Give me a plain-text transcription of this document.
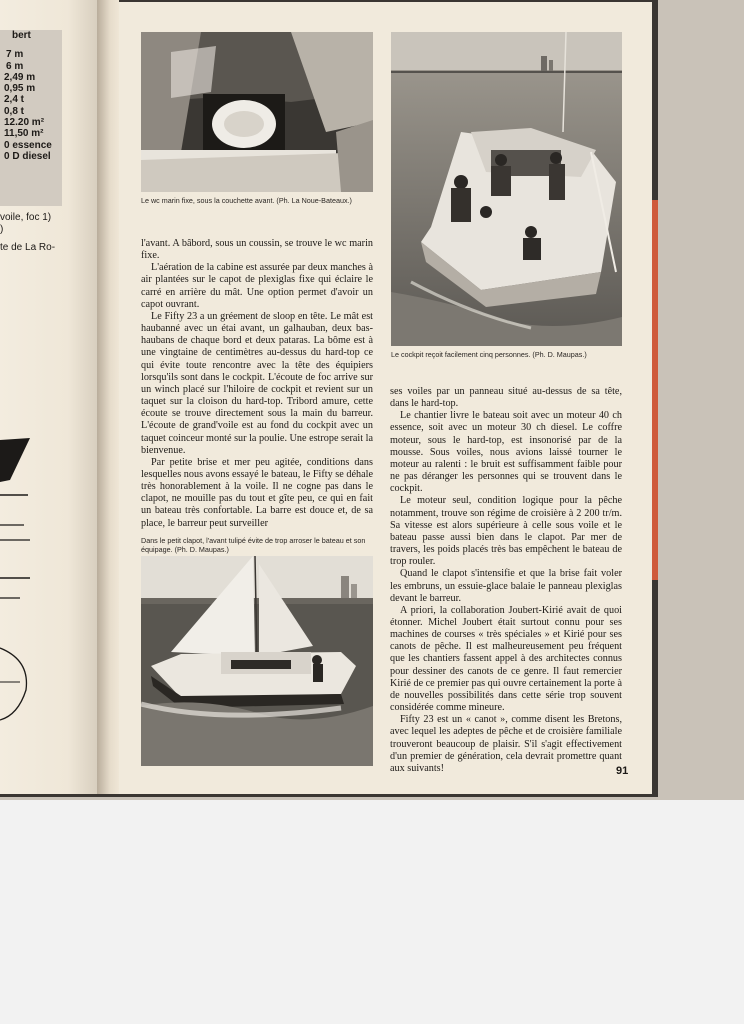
bert
7 m
6 m
2,49 m
0,95 m
2,4 t
0,8 t
12.20 m²
11,50 m²
0 essence
0 D diesel
voile, foc 1)
)
te de La Ro-
Le wc marin fixe, sous la couchette avant. (Ph. La Noue-Bateaux.)
Le cockpit reçoit facilement cinq personnes. (Ph. D. Maupas.)
Dans le petit clapot, l'avant tulipé évite de trop arroser le bateau et son équipage. (Ph. D. Maupas.)

l'avant. A bâbord, sous un coussin, se trouve le wc marin fixe.

L'aération de la cabine est assurée par deux manches à air plantées sur le capot de plexiglas fixe qui éclaire le carré en arrière du mât. Une option permet d'avoir un capot ouvrant.

Le Fifty 23 a un gréement de sloop en tête. Le mât est haubanné avec un étai avant, un galhauban, deux bas-haubans de chaque bord et deux pataras. La bôme est à une vingtaine de centimètres au-dessus du hard-top ce qui évite toute rencontre avec la tête des équipiers lorsqu'ils sont dans le cockpit. L'écoute de foc arrive sur un winch placé sur l'hiloire de cockpit et revient sur un taquet sur la cloison du hard-top. Tribord amure, cette écoute se trouve directement sous la main du barreur. L'écoute de grand'voile est au fond du cockpit avec un taquet coinceur monté sur la poulie. Une estrope serait la bienvenue.

Par petite brise et mer peu agitée, conditions dans lesquelles nous avons essayé le bateau, le Fifty se déhale très honorablement à la voile. Il ne cogne pas dans le clapot, ne mouille pas du tout et gîte peu, ce qui en fait un bateau très confortable. La barre est douce et, de sa place, le barreur peut surveiller

ses voiles par un panneau situé au-dessus de sa tête, dans le hard-top.

Le chantier livre le bateau soit avec un moteur 40 ch essence, soit avec un moteur 30 ch diesel. Le coffre moteur, sous le hard-top, est insonorisé par de la mousse. Sous voiles, nous avions laissé tourner le moteur au ralenti : le bruit est suffisamment faible pour ne pas déranger les personnes qui se trouvent dans le cockpit.

Le moteur seul, condition logique pour la pêche notamment, trouve son régime de croisière à 2 200 tr/m. Sa vitesse est alors supérieure à celle sous voile et le bateau passe aussi bien dans le clapot. Par mer de travers, les poids placés très bas empêchent le bateau de trop rouler.

Quand le clapot s'intensifie et que la brise fait voler les embruns, un essuie-glace balaie le panneau plexiglas devant le barreur.

A priori, la collaboration Joubert-Kirié avait de quoi étonner. Michel Joubert était surtout connu pour ses machines de courses « très spéciales » et Kirié pour ses canots de pêche. Il est malheureusement peu fréquent que les chantiers fassent appel à des architectes connus pour dessiner des canots de ce genre. Il faut remercier Kirié de ce premier pas qui ouvre certainement la porte à de nouvelles possibilités dans cette série trop souvent considérée comme mineure.

Fifty 23 est un « canot », comme disent les Bretons, avec lequel les adeptes de pêche et de croisière familiale trouveront beaucoup de plaisir. S'il s'agit effectivement d'un premier de génération, cela devrait promettre quant aux suivants!	91
